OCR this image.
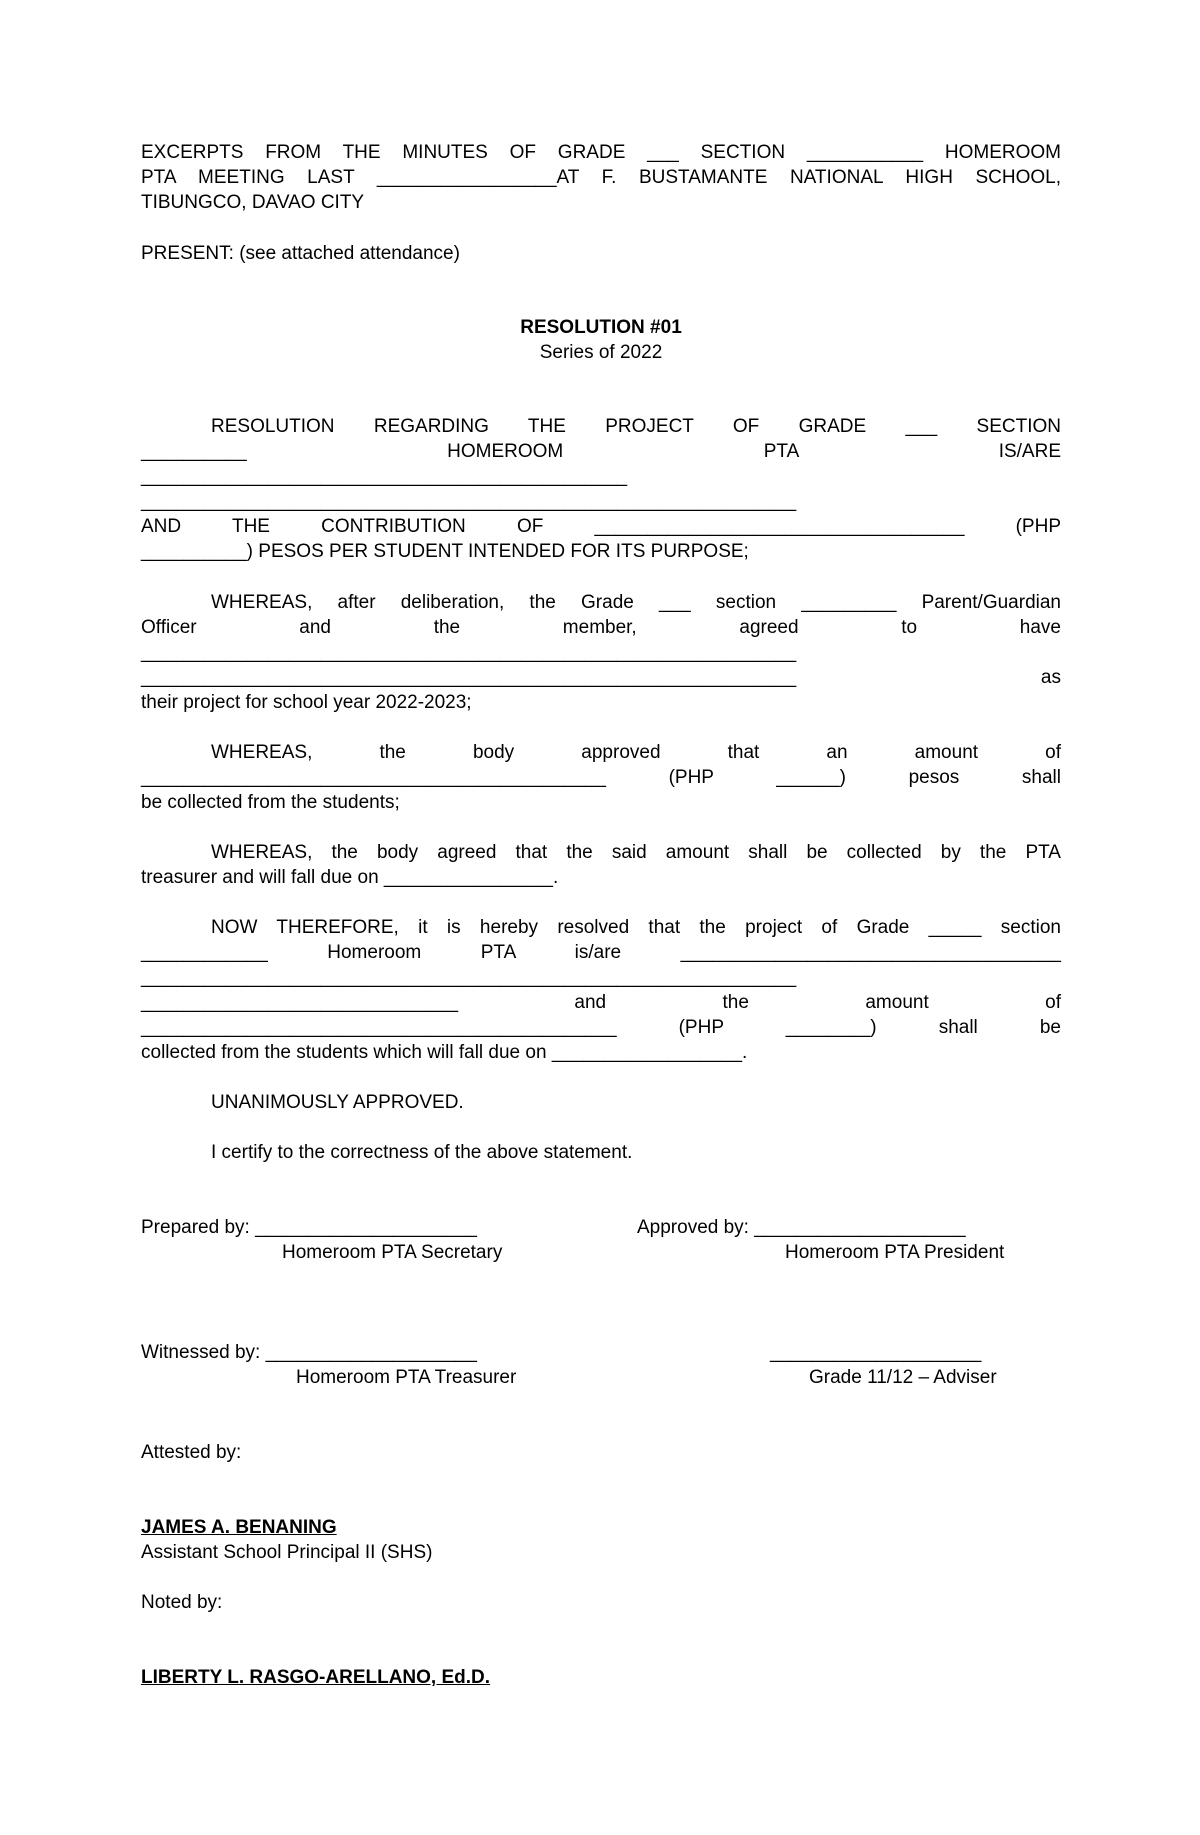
EXCERPTS FROM THE MINUTES OF GRADE ___ SECTION ___________ HOMEROOM
PTA MEETING LAST _________________AT F. BUSTAMANTE NATIONAL HIGH SCHOOL,
TIBUNGCO, DAVAO CITY
PRESENT: (see attached attendance)
RESOLUTION #01
Series of 2022
RESOLUTION REGARDING THE PROJECT OF GRADE ___ SECTION
__________ HOMEROOM PTA IS/ARE
______________________________________________
______________________________________________________________
AND THE CONTRIBUTION OF ___________________________________ (PHP
__________) PESOS PER STUDENT INTENDED FOR ITS PURPOSE;
WHEREAS, after deliberation, the Grade ___ section _________ Parent/Guardian
Officer and the member, agreed to have
______________________________________________________________
______________________________________________________________ as
their project for school year 2022-2023;
WHEREAS, the body approved that an amount of
____________________________________________ (PHP ______) pesos shall
be collected from the students;
WHEREAS, the body agreed that the said amount shall be collected by the PTA
treasurer and will fall due on ________________.
NOW THEREFORE, it is hereby resolved that the project of Grade _____ section
____________ Homeroom PTA is/are ____________________________________
______________________________________________________________
______________________________ and the amount of
_____________________________________________ (PHP ________) shall be
collected from the students which will fall due on __________________.
UNANIMOUSLY APPROVED.
I certify to the correctness of the above statement.
Prepared by: _____________________
Homeroom PTA Secretary
Approved by: ____________________
Homeroom PTA President
Witnessed by: ____________________
Homeroom PTA Treasurer
____________________
Grade 11/12 – Adviser
Attested by:
JAMES A. BENANING
Assistant School Principal II (SHS)
Noted by:
LIBERTY L. RASGO-ARELLANO, Ed.D.
